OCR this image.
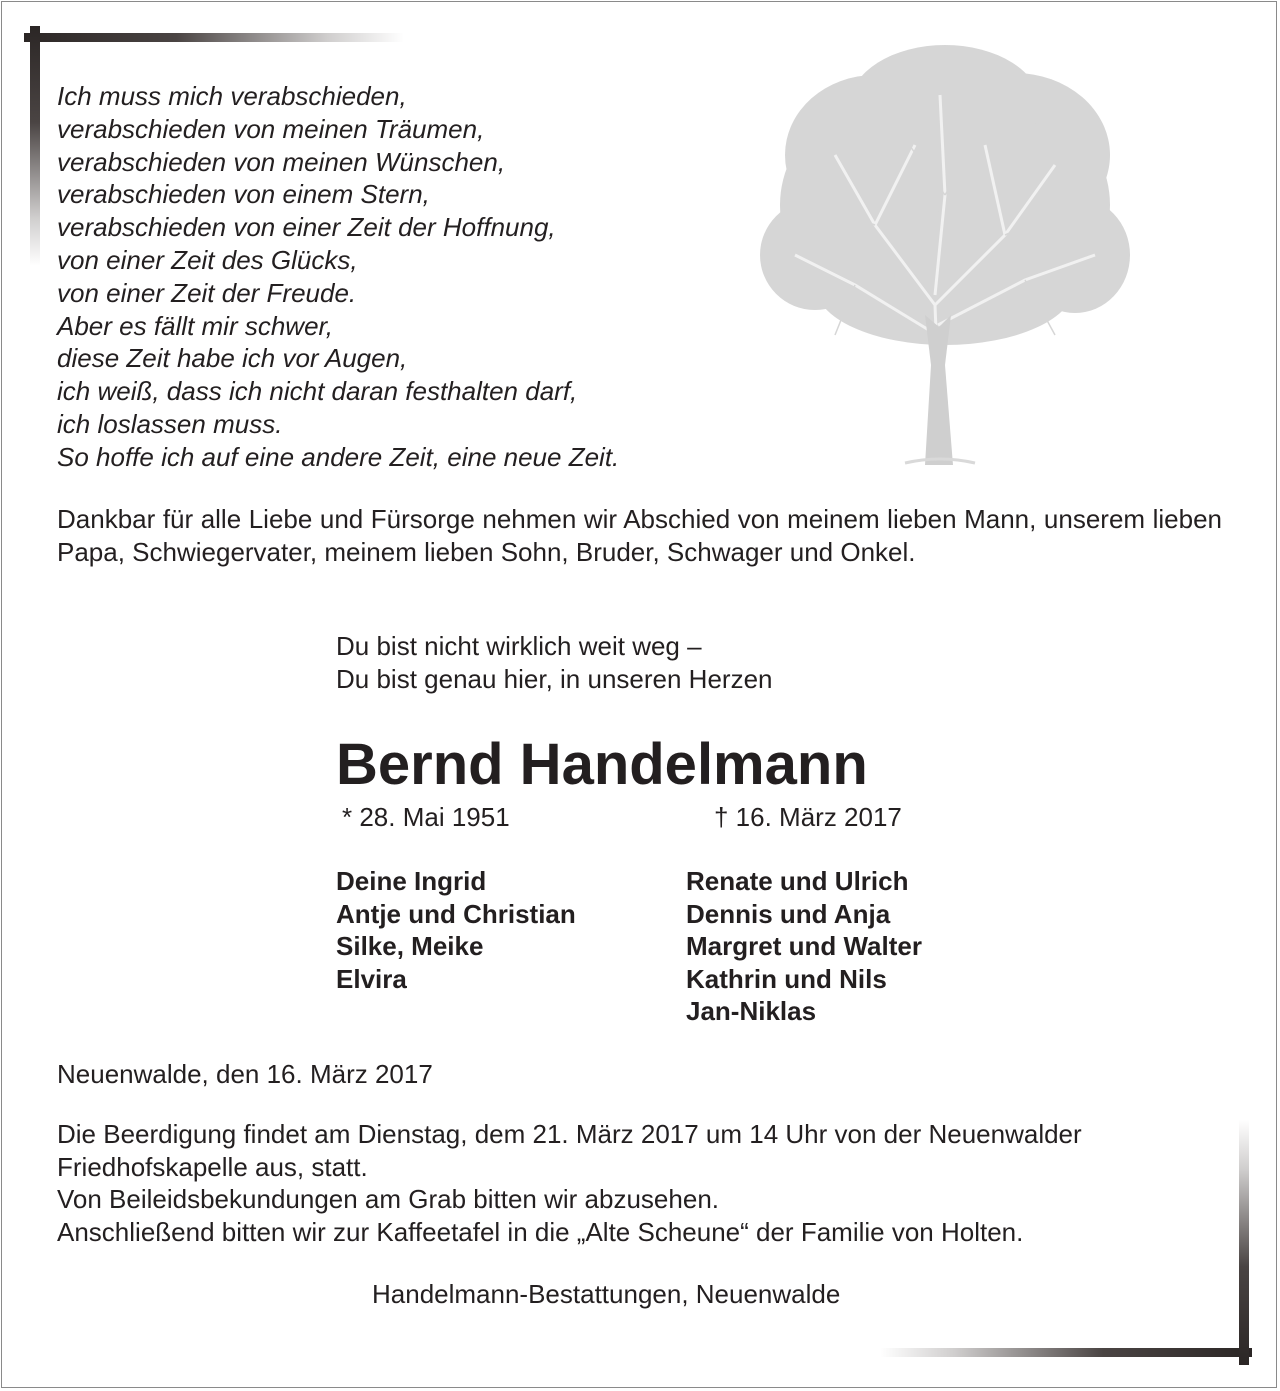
Ich muss mich verabschieden,
verabschieden von meinen Träumen,
verabschieden von meinen Wünschen,
verabschieden von einem Stern,
verabschieden von einer Zeit der Hoffnung,
von einer Zeit des Glücks,
von einer Zeit der Freude.
Aber es fällt mir schwer,
diese Zeit habe ich vor Augen,
ich weiß, dass ich nicht daran festhalten darf,
ich loslassen muss.
So hoffe ich auf eine andere Zeit, eine neue Zeit.

Dankbar für alle Liebe und Fürsorge nehmen wir Abschied von meinem lieben Mann, unserem lieben Papa, Schwiegervater, meinem lieben Sohn, Bruder, Schwager und Onkel.

Du bist nicht wirklich weit weg –
Du bist genau hier, in unseren Herzen
Bernd Handelmann
* 28. Mai 1951	† 16. März 2017
Deine Ingrid
Antje und Christian
Silke, Meike
Elvira
Renate und Ulrich
Dennis und Anja
Margret und Walter
Kathrin und Nils
Jan-Niklas
Neuenwalde, den 16. März 2017
Die Beerdigung findet am Dienstag, dem 21. März 2017 um 14 Uhr von der Neuenwalder
Friedhofskapelle aus, statt.
Von Beileidsbekundungen am Grab bitten wir abzusehen.
Anschließend bitten wir zur Kaffeetafel in die „Alte Scheune“ der Familie von Holten.
Handelmann-Bestattungen, Neuenwalde
